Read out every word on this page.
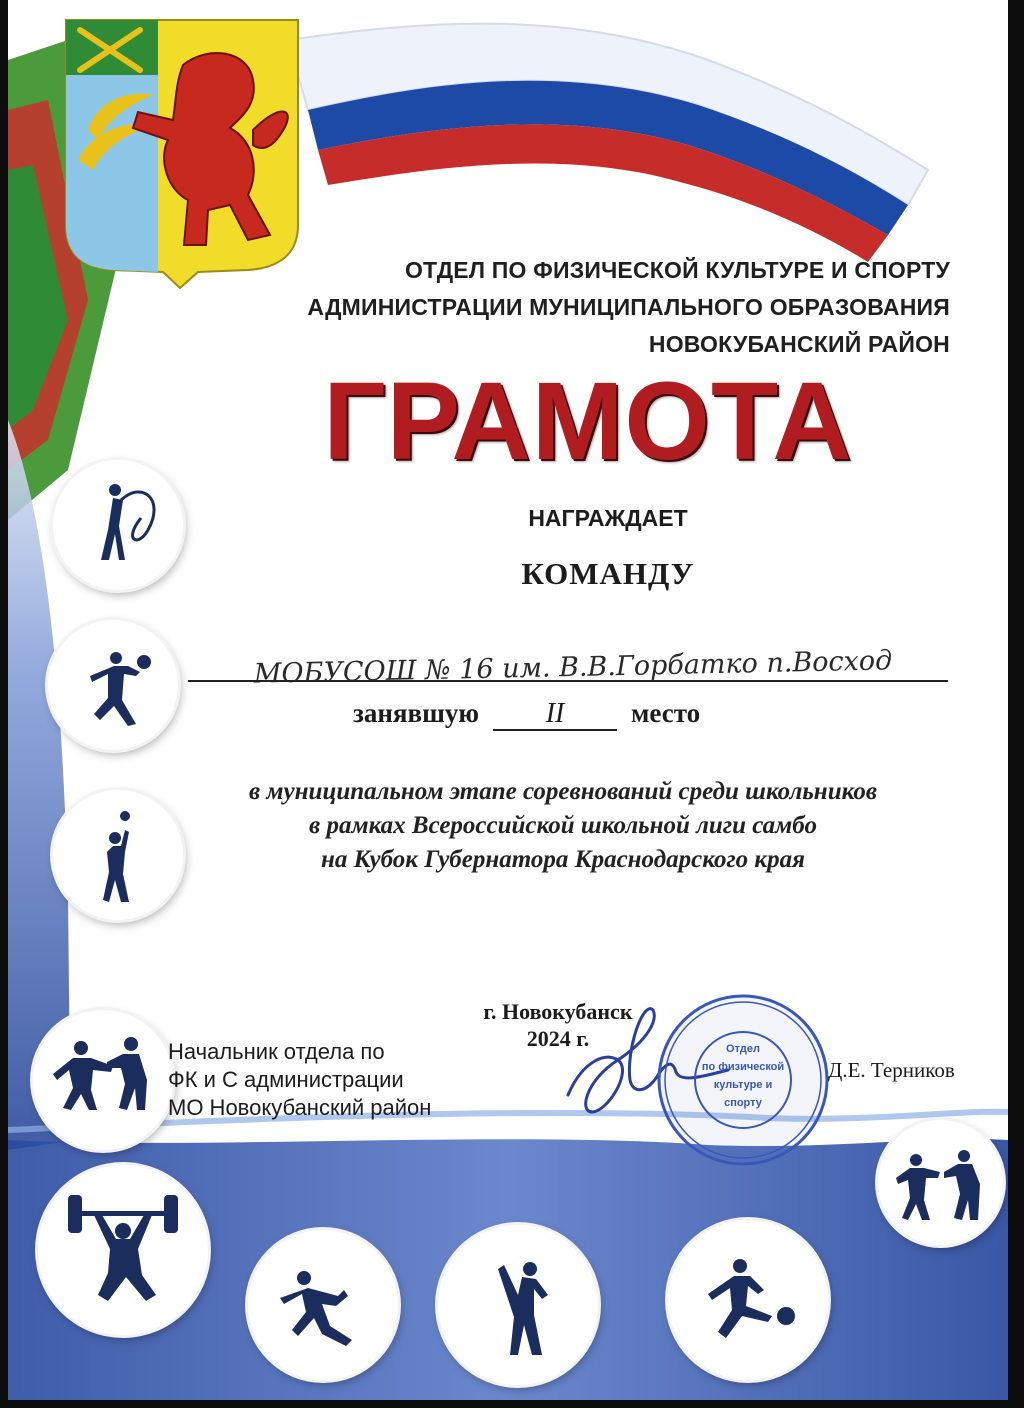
Отдел
по физической
культуре и
спорту
ОТДЕЛ ПО ФИЗИЧЕСКОЙ КУЛЬТУРЕ И СПОРТУ
АДМИНИСТРАЦИИ МУНИЦИПАЛЬНОГО ОБРАЗОВАНИЯ
НОВОКУБАНСКИЙ РАЙОН
ГРАМОТА
НАГРАЖДАЕТ
КОМАНДУ
МОБУСОШ № 16 им. В.В.Горбатко п.Восход
занявшую II место
в муниципальном этапе соревнований среди школьников
в рамках Всероссийской школьной лиги самбо
на Кубок Губернатора Краснодарского края
Начальник отдела по
ФК и С администрации
МО Новокубанский район
Д.Е. Терников
г. Новокубанск
2024 г.
